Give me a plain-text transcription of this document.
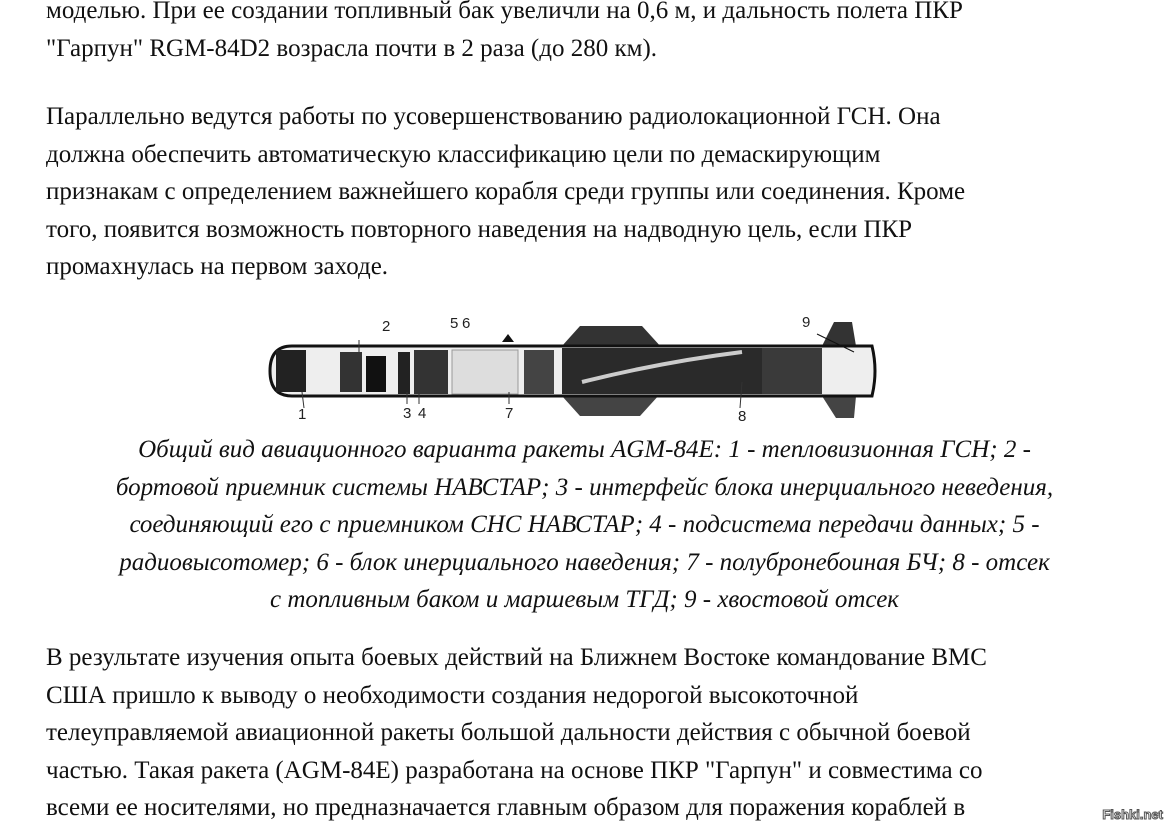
моделью. При ее создании топливный бак увеличли на 0,6 м, и дальность полета ПКР
"Гарпун" RGM-84D2 возрасла почти в 2 раза (до 280 км).
Параллельно ведутся работы по усовершенствованию радиолокационной ГСН. Она
должна обеспечить автоматическую классификацию цели по демаскирующим
признакам с определением важнейшего корабля среди группы или соединения. Кроме
того, появится возможность повторного наведения на надводную цель, если ПКР
промахнулась на первом заходе.
1
2
3 4
5 6
7	8
9
Общий вид авиационного варианта ракеты AGM-84E: 1 - тепловизионная ГСН; 2 -
бортовой приемник системы НАВСТАР; 3 - интерфейс блока инерциального неведения,
соединяющий его с приемником СНС НАВСТАР; 4 - подсистема передачи данных; 5 -
радиовысотомер; 6 - блок инерциального наведения; 7 - полубронебоиная БЧ; 8 - отсек
с топливным баком и маршевым ТГД; 9 - хвостовой отсек
В результате изучения опыта боевых действий на Ближнем Востоке командование ВМС
США пришло к выводу о необходимости создания недорогой высокоточной
телеуправляемой авиационной ракеты большой дальности действия с обычной боевой
частью. Такая ракета (AGM-84E) разработана на основе ПКР "Гарпун" и совместима со
всеми ее носителями, но предназначается главным образом для поражения кораблей в	Fishki.net
